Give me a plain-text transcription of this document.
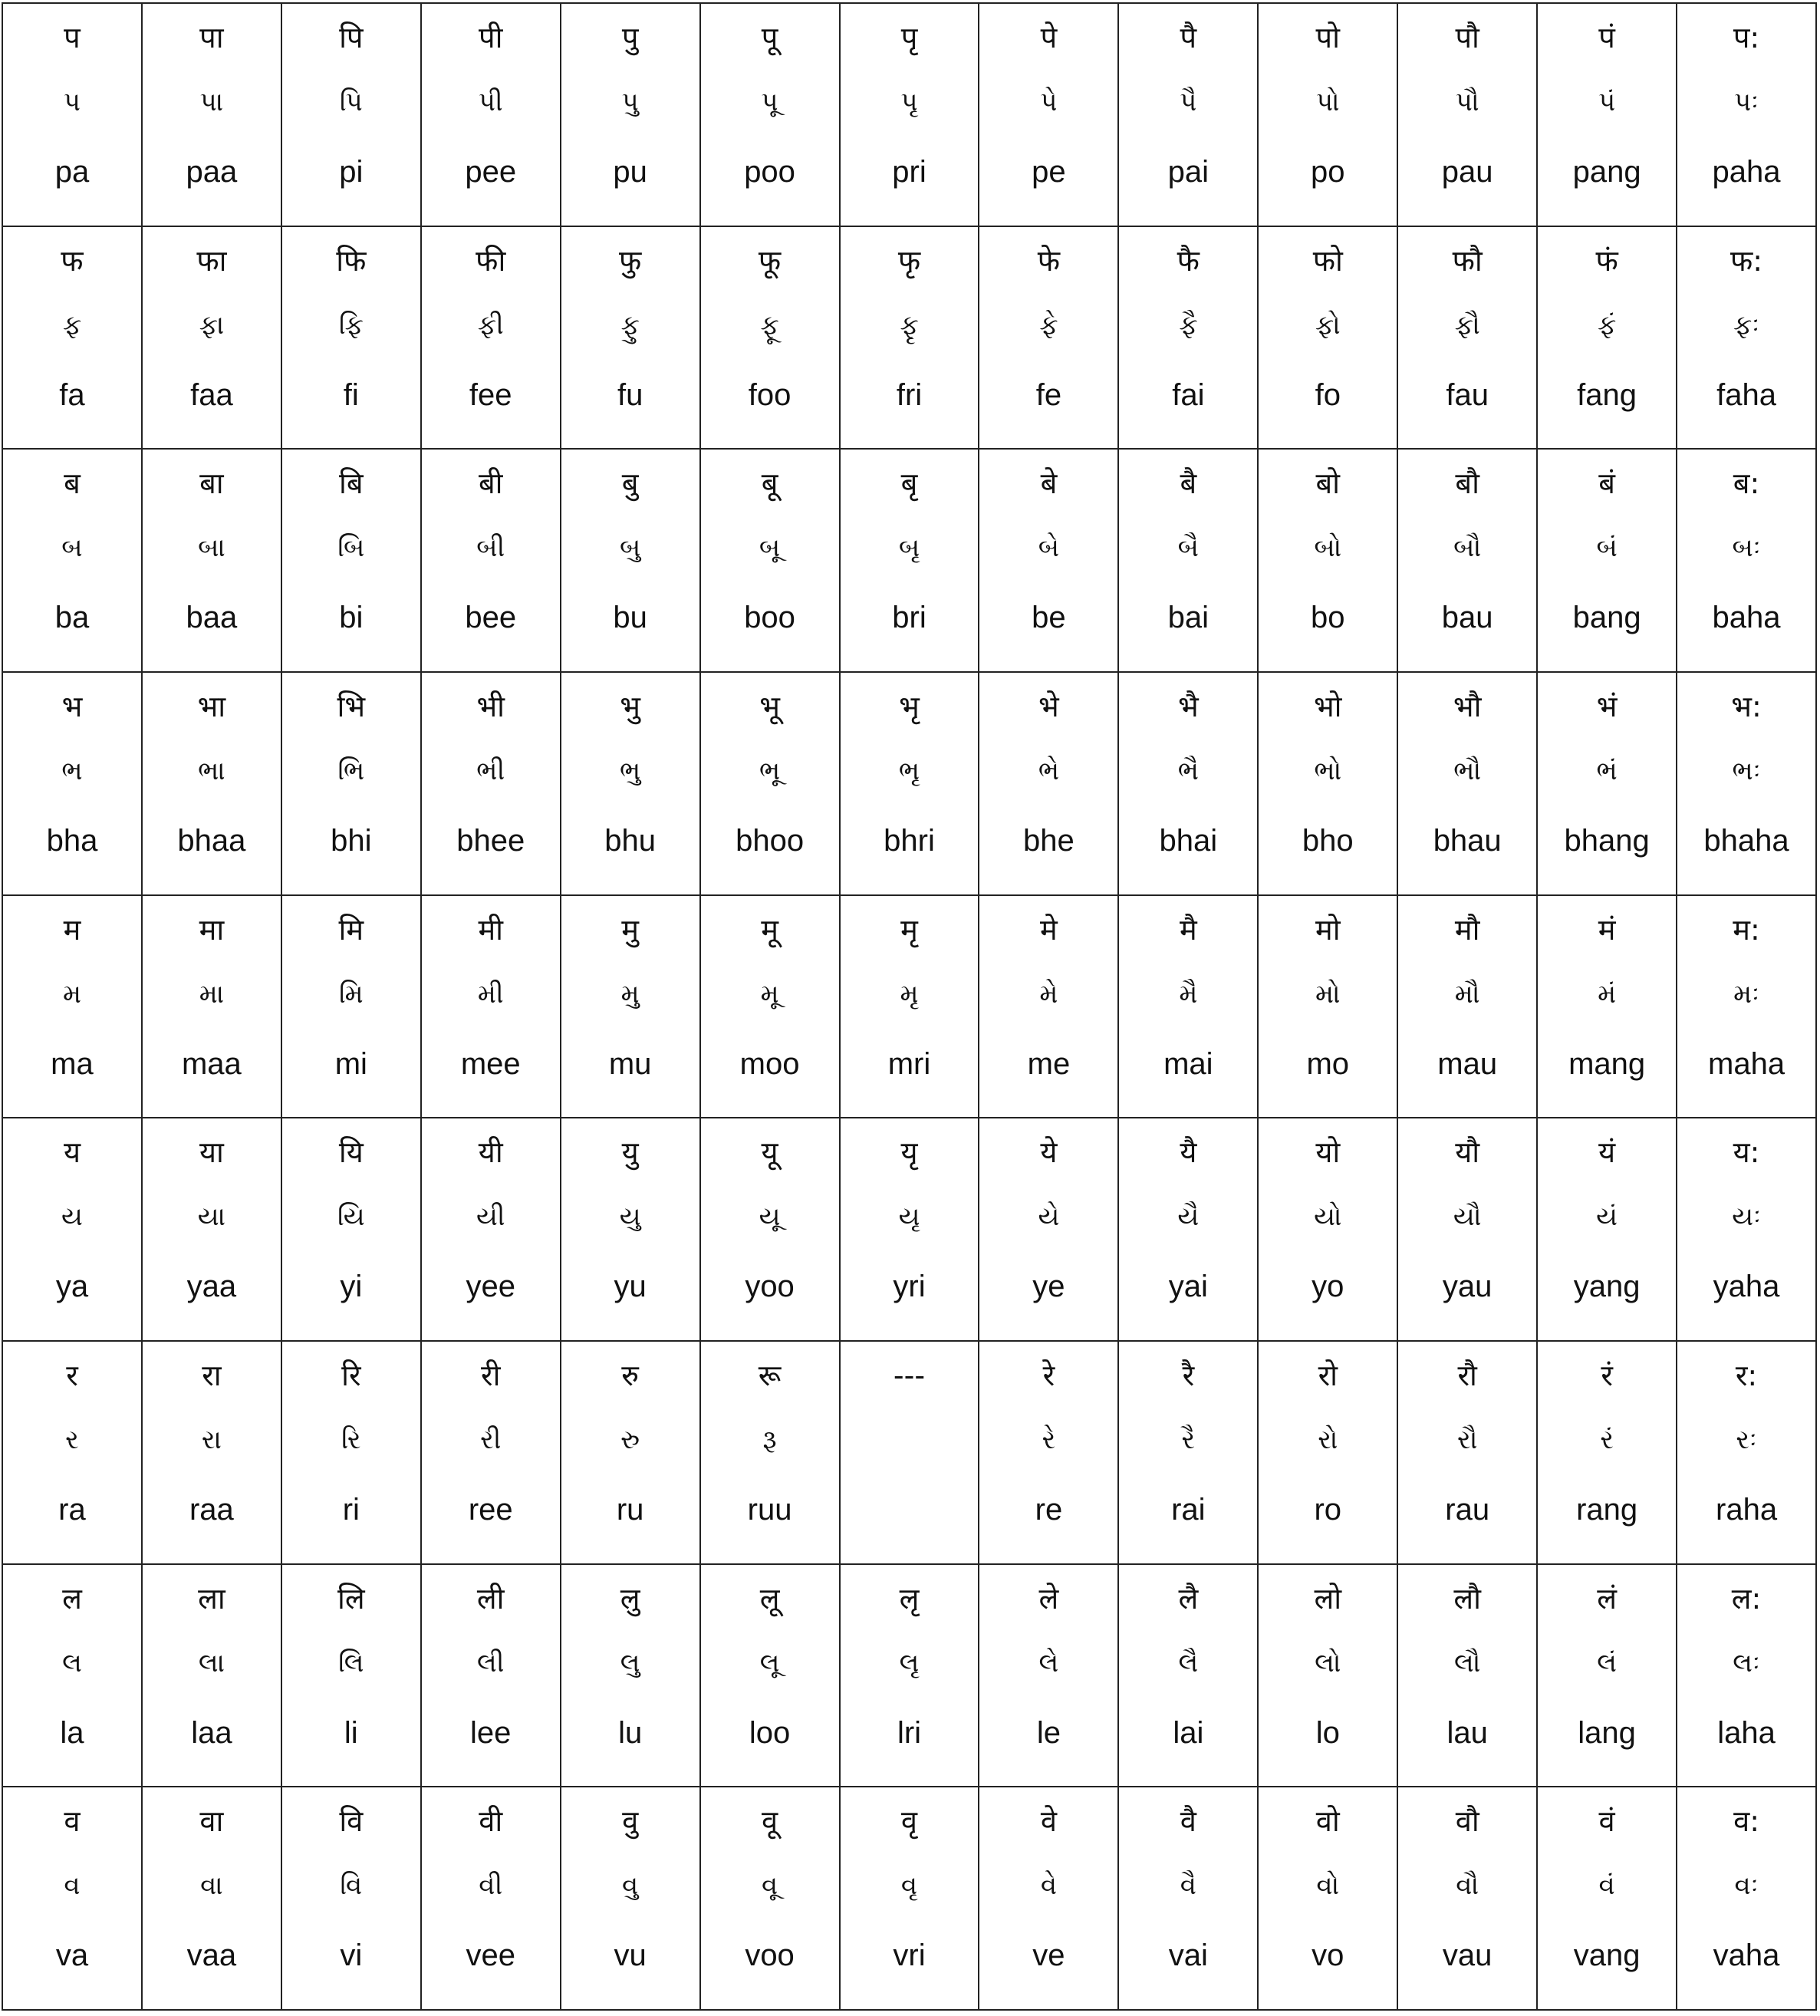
प
પ
pa
पा
પા
paa
पि
પિ
pi
पी
પી
pee
पु
પુ
pu
पू
પૂ
poo
पृ
પૃ
pri
पे
પે
pe
पै
પૈ
pai
पो
પો
po
पौ
પૌ
pau
पं
પં
pang
प:
પઃ
paha
फ
ફ
fa
फा
ફા
faa
फि
ફિ
fi
फी
ફી
fee
फु
ફુ
fu
फू
ફૂ
foo
फृ
ફૃ
fri
फे
ફે
fe
फै
ફૈ
fai
फो
ફો
fo
फौ
ફૌ
fau
फं
ફં
fang
फ:
ફઃ
faha
ब
બ
ba
बा
બા
baa
बि
બિ
bi
बी
બી
bee
बु
બુ
bu
बू
બૂ
boo
बृ
બૃ
bri
बे
બે
be
बै
બૈ
bai
बो
બો
bo
बौ
બૌ
bau
बं
બં
bang
ब:
બઃ
baha
भ
ભ
bha
भा
ભા
bhaa
भि
ભિ
bhi
भी
ભી
bhee
भु
ભુ
bhu
भू
ભૂ
bhoo
भृ
ભૃ
bhri
भे
ભે
bhe
भै
ભૈ
bhai
भो
ભો
bho
भौ
ભૌ
bhau
भं
ભં
bhang
भ:
ભઃ
bhaha
म
મ
ma
मा
મા
maa
मि
મિ
mi
मी
મી
mee
मु
મુ
mu
मू
મૂ
moo
मृ
મૃ
mri
मे
મે
me
मै
મૈ
mai
मो
મો
mo
मौ
મૌ
mau
मं
મં
mang
म:
મઃ
maha
य
ય
ya
या
યા
yaa
यि
યિ
yi
यी
યી
yee
यु
યુ
yu
यू
યૂ
yoo
यृ
યૃ
yri
ये
યે
ye
यै
યૈ
yai
यो
યો
yo
यौ
યૌ
yau
यं
યં
yang
य:
યઃ
yaha
र
ર
ra
रा
રા
raa
रि
રિ
ri
री
રી
ree
रु
રુ
ru
रू
રૂ
ruu
---	रे
રે
re
रै
રૈ
rai
रो
રો
ro
रौ
રૌ
rau
रं
રં
rang
र:
રઃ
raha
ल
લ
la
ला
લા
laa
लि
લિ
li
ली
લી
lee
लु
લુ
lu
लू
લૂ
loo
लृ
લૃ
lri
ले
લે
le
लै
લૈ
lai
लो
લો
lo
लौ
લૌ
lau
लं
લં
lang
ल:
લઃ
laha
व
વ
va
वा
વા
vaa
वि
વિ
vi
वी
વી
vee
वु
વુ
vu
वू
વૂ
voo
वृ
વૃ
vri
वे
વે
ve
वै
વૈ
vai
वो
વો
vo
वौ
વૌ
vau
वं
વં
vang
व:
વઃ
vaha
